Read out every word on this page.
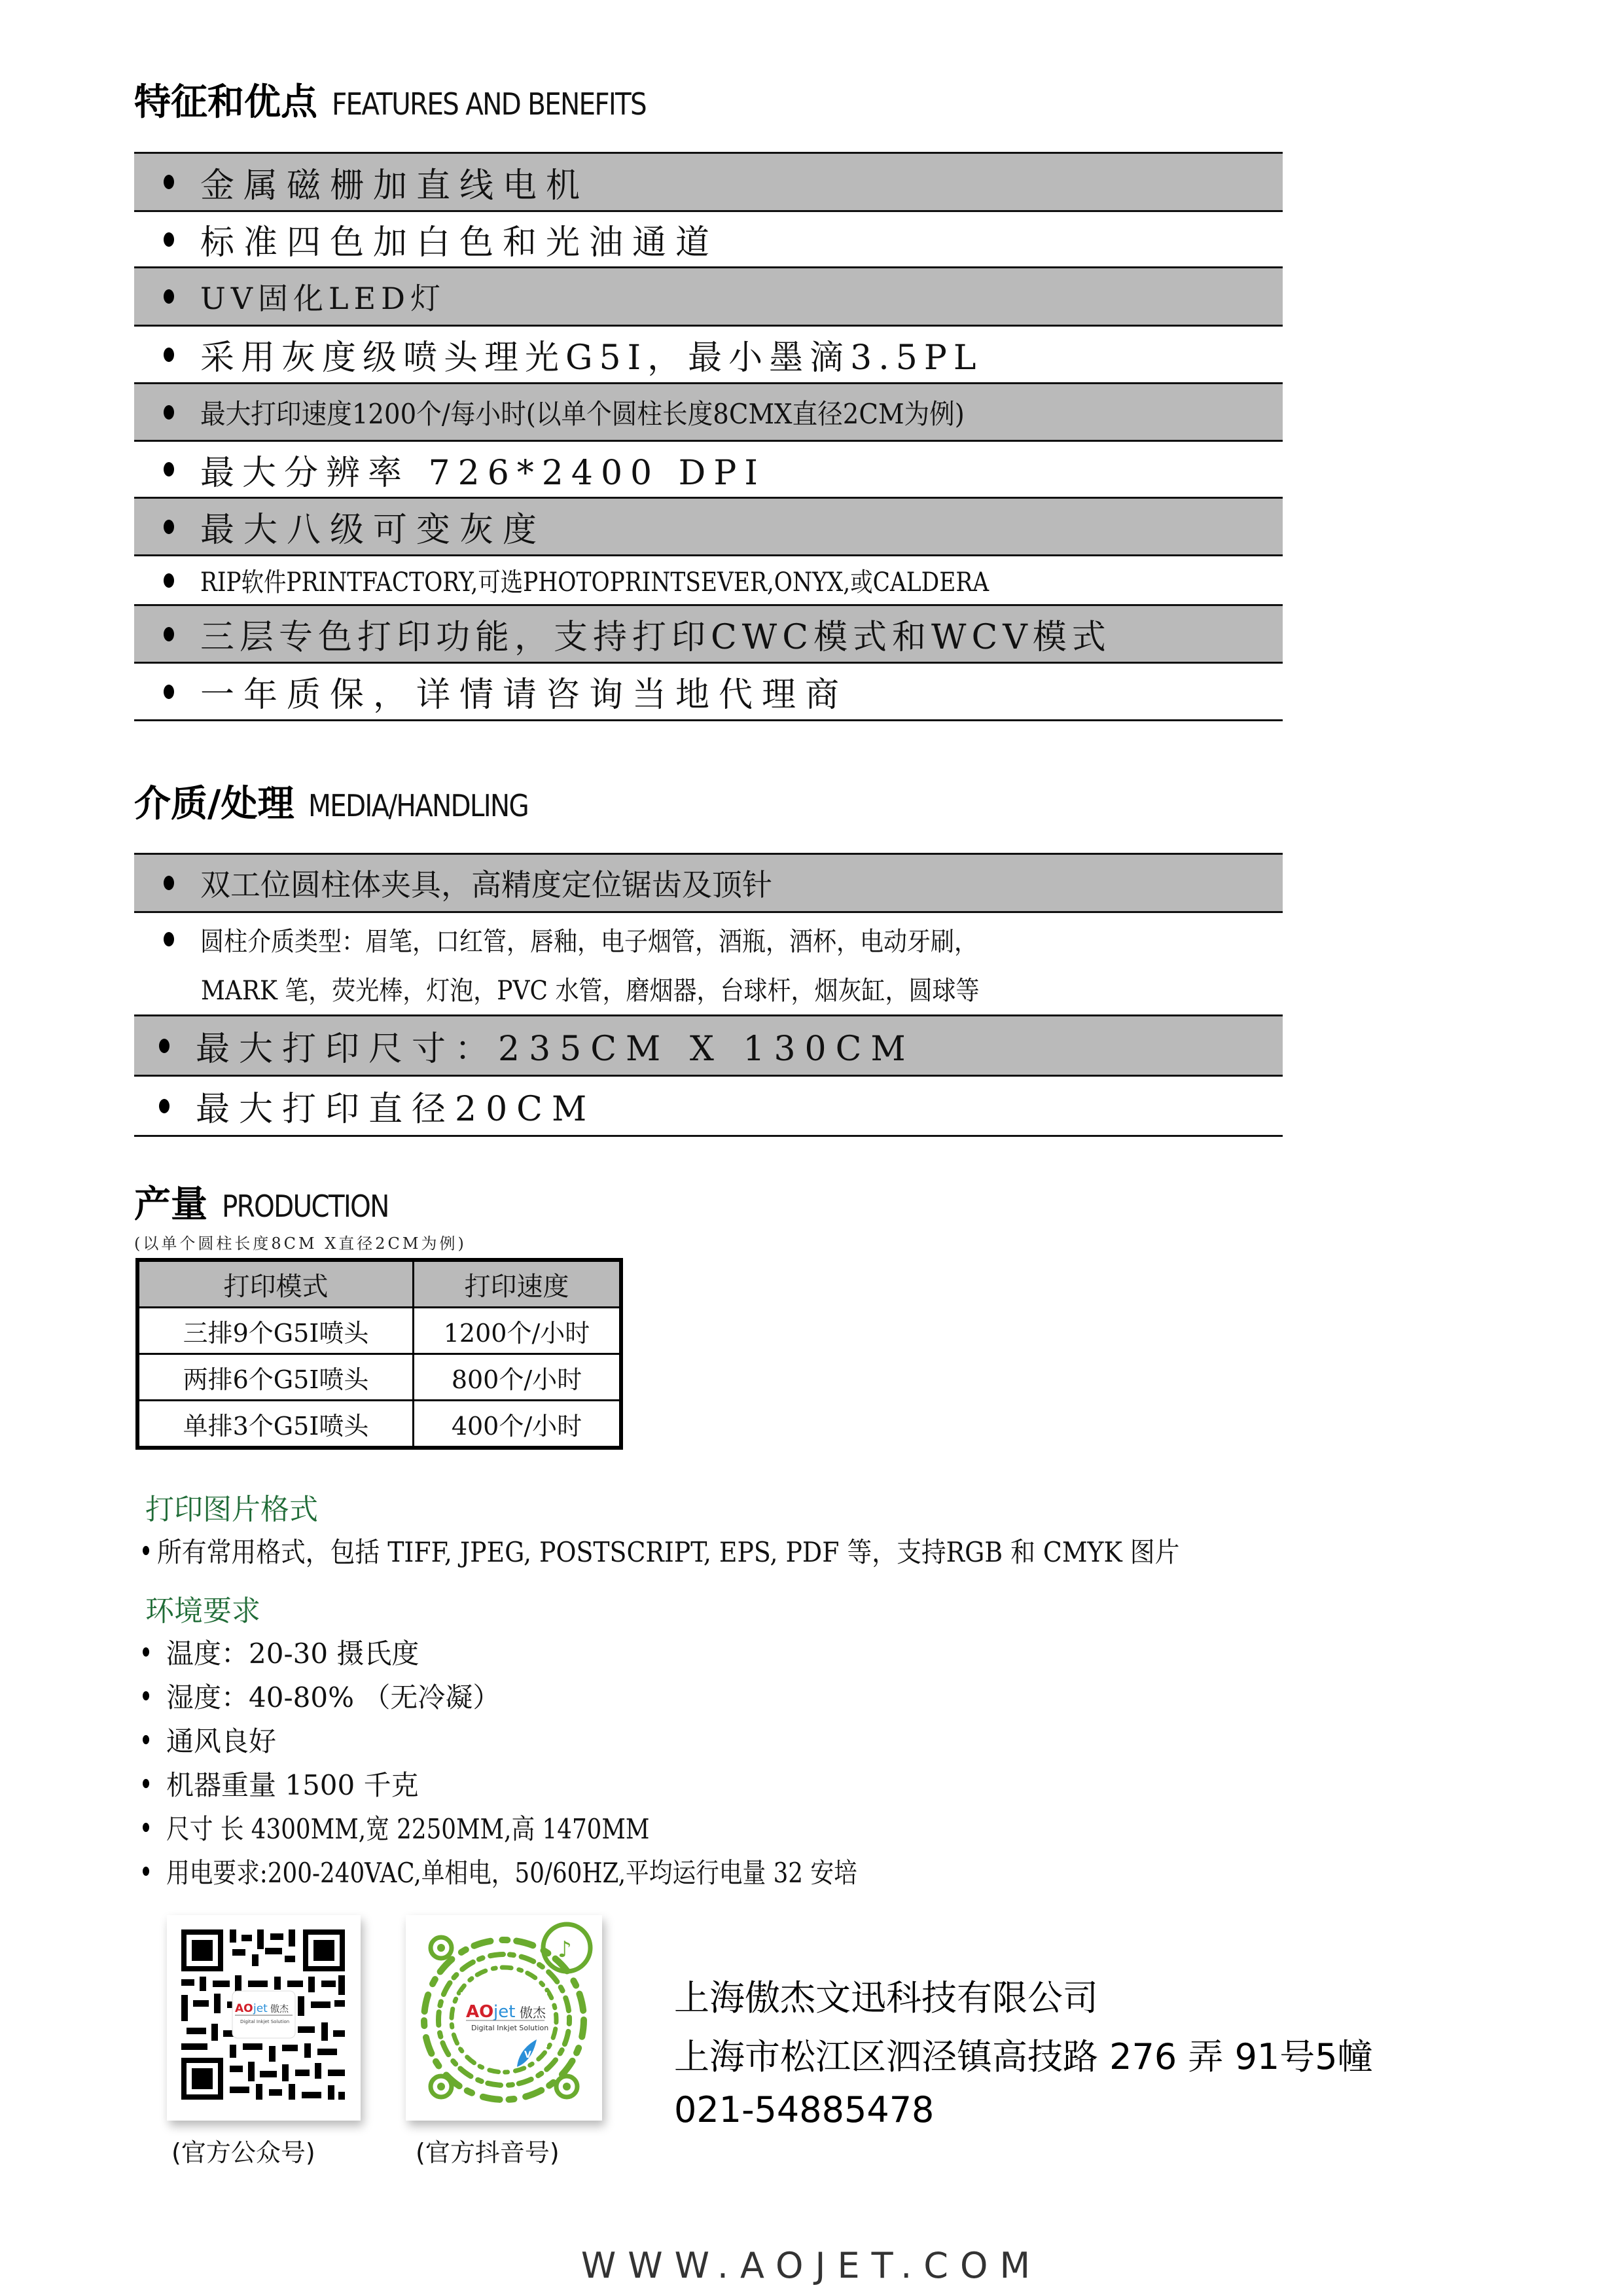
特征和优点 FEATURES AND BENEFITS
金属磁栅加直线电机
标准四色加白色和光油通道
UV固化LED灯
采用灰度级喷头理光G5I，最小墨滴3.5PL
最大打印速度1200个/每小时(以单个圆柱长度8CMX直径2CM为例)
最大分辨率 726*2400 DPI
最大八级可变灰度
RIP软件PRINTFACTORY,可选PHOTOPRINTSEVER,ONYX,或CALDERA
三层专色打印功能，支持打印CWC模式和WCV模式
一年质保，详情请咨询当地代理商
介质/处理 MEDIA/HANDLING
双工位圆柱体夹具，高精度定位锯齿及顶针
圆柱介质类型：眉笔，口红管，唇釉，电子烟管，酒瓶，酒杯，电动牙刷，
MARK 笔，荧光棒，灯泡，PVC 水管，磨烟器，台球杆，烟灰缸，圆球等
最大打印尺寸：235CM X 130CM
最大打印直径20CM
产量 PRODUCTION
(以单个圆柱长度8CM X直径2CM为例)
打印模式	打印速度
三排9个G5I喷头	1200个/小时
两排6个G5I喷头	800个/小时
单排3个G5I喷头	400个/小时
打印图片格式
所有常用格式，包括 TIFF, JPEG, POSTSCRIPT, EPS, PDF 等，支持RGB 和 CMYK 图片
环境要求
温度：20-30 摄氏度
湿度：40-80% （无冷凝）
通风良好
机器重量 1500 千克
尺寸 长 4300MM,宽 2250MM,高 1470MM
用电要求:200-240VAC,单相电，50/60HZ,平均运行电量 32 安培
AO jet 傲杰
Digital Inkjet Solution
(官方公众号)
♪
AO jet 傲杰
Digital Inkjet Solution
V
(官方抖音号)
上海傲杰文迅科技有限公司
上海市松江区泗泾镇高技路 276 弄 91号5幢
021-54885478
WWW.AOJET.COM
